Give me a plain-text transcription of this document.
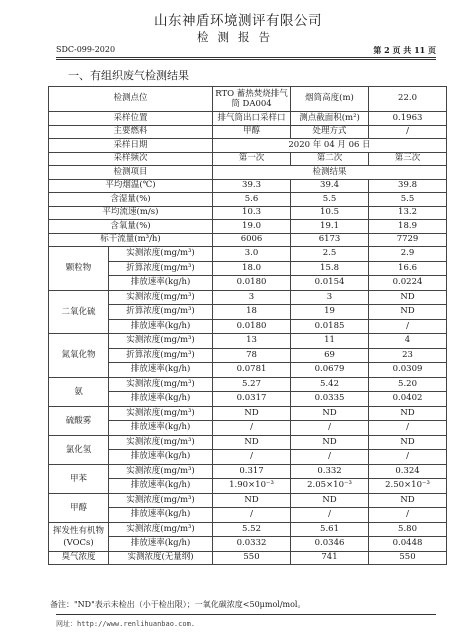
山东神盾环境测评有限公司
检测报告
SDC-099-2020	第 2 页 共 11 页
一、有组织废气检测结果
检测点位		RTO 蓄热焚烧排气筒 DA004	烟筒高度(m)	22.0
采样位置		排气筒出口采样口	测点截面积(m²)	0.1963
主要燃料		甲醇	处理方式	/
采样日期		2020 年 04 月 06 日		
采样频次		第一次	第二次	第三次
检测项目		检测结果		
平均烟温(℃)		39.3	39.4	39.8
含湿量(%)		5.6	5.5	5.5
平均流速(m/s)		10.3	10.5	13.2
含氧量(%)		19.0	19.1	18.9
标干流量(m³/h)		6006	6173	7729
颗粒物	实测浓度(mg/m³)	3.0	2.5	2.9
	折算浓度(mg/m³)	18.0	15.8	16.6
	排放速率(kg/h)	0.0180	0.0154	0.0224
二氧化硫	实测浓度(mg/m³)	3	3	ND
	折算浓度(mg/m³)	18	19	ND
	排放速率(kg/h)	0.0180	0.0185	/
氮氧化物	实测浓度(mg/m³)	13	11	4
	折算浓度(mg/m³)	78	69	23
	排放速率(kg/h)	0.0781	0.0679	0.0309
氨	实测浓度(mg/m³)	5.27	5.42	5.20
	排放速率(kg/h)	0.0317	0.0335	0.0402
硫酸雾	实测浓度(mg/m³)	ND	ND	ND
	排放速率(kg/h)	/	/	/
氯化氢	实测浓度(mg/m³)	ND	ND	ND
	排放速率(kg/h)	/	/	/
甲苯	实测浓度(mg/m³)	0.317	0.332	0.324
	排放速率(kg/h)	1.90×10⁻³	2.05×10⁻³	2.50×10⁻³
甲醇	实测浓度(mg/m³)	ND	ND	ND
	排放速率(kg/h)	/	/	/
挥发性有机物(VOCs)	实测浓度(mg/m³)	5.52	5.61	5.80
	排放速率(kg/h)	0.0332	0.0346	0.0448
臭气浓度	实测浓度(无量纲)	550	741	550
备注："ND"表示未检出（小于检出限）；一氧化碳浓度<50μmol/mol。
网址：http://www.renlihuanbao.com.
